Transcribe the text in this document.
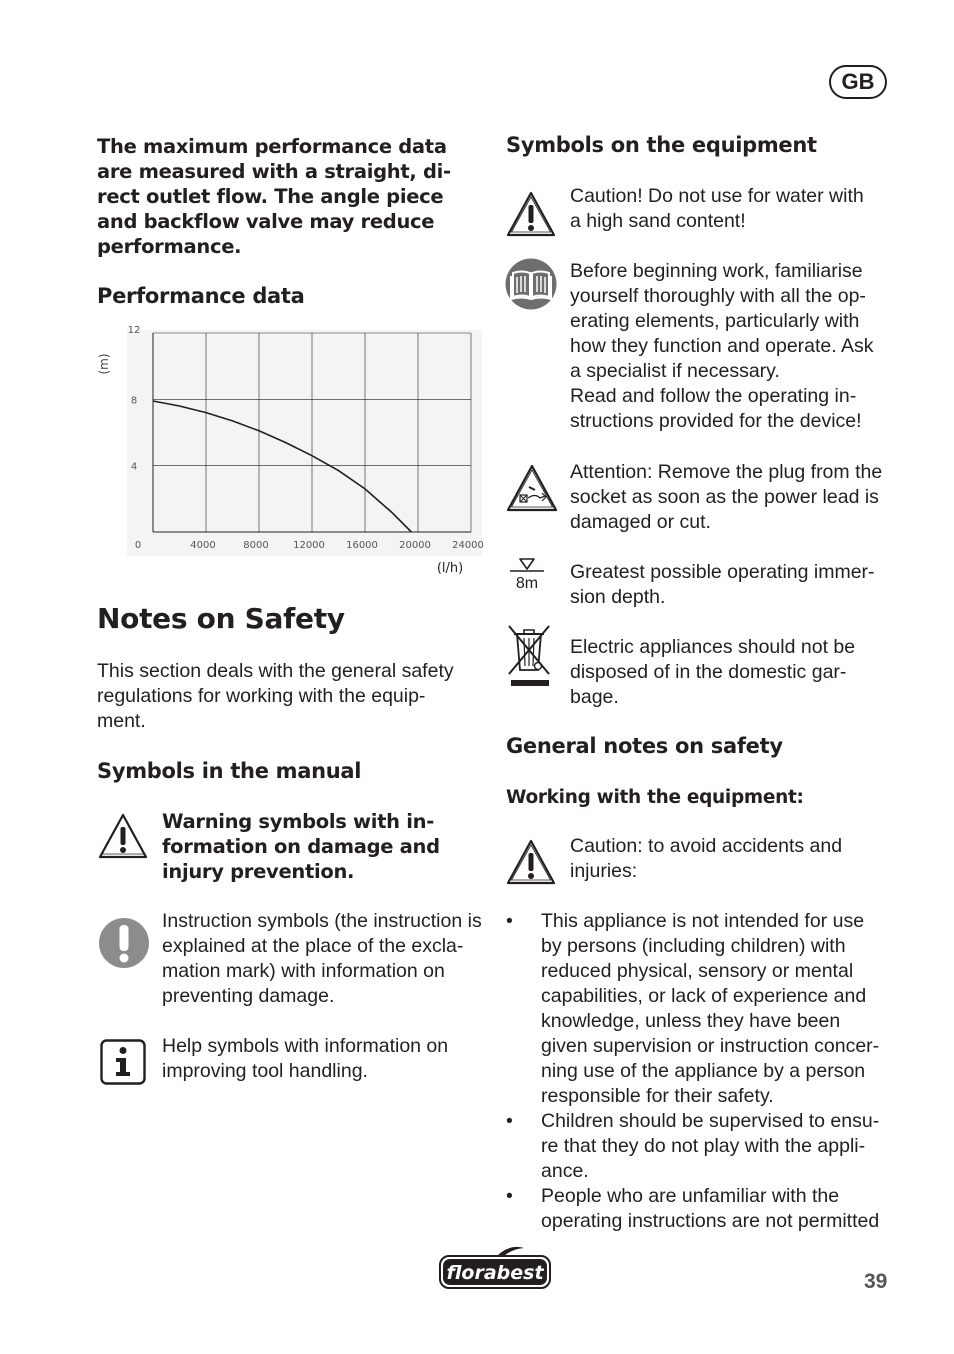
GB
The maximum performance data
are measured with a straight, di-
rect outlet flow. The angle piece
and backflow valve may reduce
performance.
Performance data
0	4000	8000 12000 16000 20000 24000
4
8
12
(m)
(l/h)
Notes on Safety
This section deals with the general safety
regulations for working with the equip-
ment.
Symbols in the manual
Warning symbols with in-
formation on damage and
injury prevention.
Instruction symbols (the instruction is
explained at the place of the excla-
mation mark) with information on
preventing damage.
Help symbols with information on
improving tool handling.
Symbols on the equipment
Caution! Do not use for water with
a high sand content!
Before beginning work, familiarise
yourself thoroughly with all the op-
erating elements, particularly with
how they function and operate. Ask
a specialist if necessary.
Read and follow the operating in-
structions provided for the device!
Attention: Remove the plug from the
socket as soon as the power lead is
damaged or cut.
8m
Greatest possible operating immer-
sion depth.
Electric appliances should not be
disposed of in the domestic gar-
bage.
General notes on safety
Working with the equipment:
Caution: to avoid accidents and
injuries:
• This appliance is not intended for use
by persons (including children) with
reduced physical, sensory or mental
capabilities, or lack of experience and
knowledge, unless they have been
given supervision or instruction concer-
ning use of the appliance by a person
responsible for their safety.
• Children should be supervised to ensu-
re that they do not play with the appli-
ance.
• People who are unfamiliar with the
operating instructions are not permitted
florabest	39
